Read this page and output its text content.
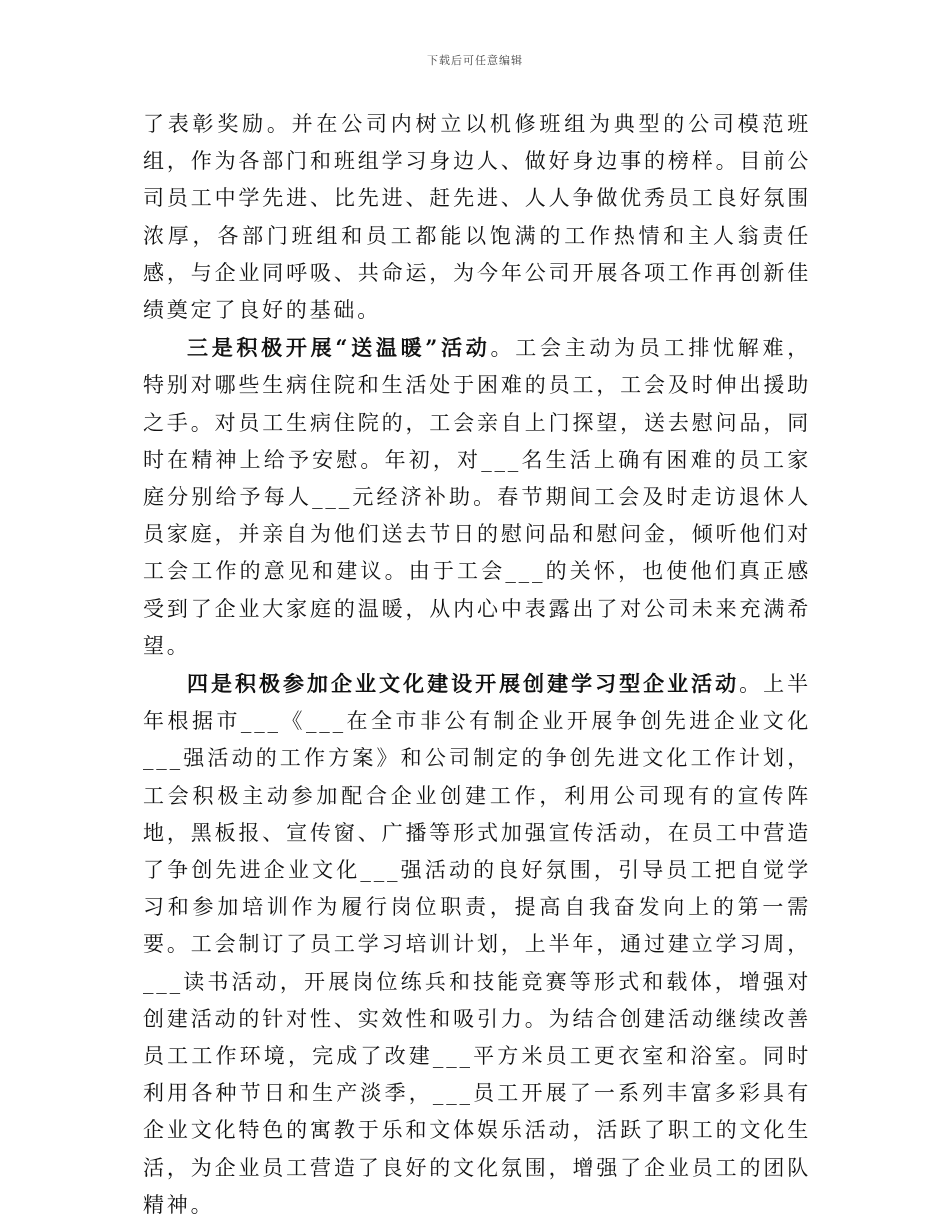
下载后可任意编辑

了表彰奖励。并在公司内树立以机修班组为典型的公司模范班组，作为各部门和班组学习身边人、做好身边事的榜样。目前公司员工中学先进、比先进、赶先进、人人争做优秀员工良好氛围浓厚，各部门班组和员工都能以饱满的工作热情和主人翁责任感，与企业同呼吸、共命运，为今年公司开展各项工作再创新佳绩奠定了良好的基础。

三是积极开展“送温暖”活动。工会主动为员工排忧解难，特别对哪些生病住院和生活处于困难的员工，工会及时伸出援助之手。对员工生病住院的，工会亲自上门探望，送去慰问品，同时在精神上给予安慰。年初，对___名生活上确有困难的员工家庭分别给予每人___元经济补助。春节期间工会及时走访退休人员家庭，并亲自为他们送去节日的慰问品和慰问金，倾听他们对工会工作的意见和建议。由于工会___的关怀，也使他们真正感受到了企业大家庭的温暖，从内心中表露出了对公司未来充满希望。

四是积极参加企业文化建设开展创建学习型企业活动。上半年根据市___《___在全市非公有制企业开展争创先进企业文化___强活动的工作方案》和公司制定的争创先进文化工作计划，工会积极主动参加配合企业创建工作，利用公司现有的宣传阵地，黑板报、宣传窗、广播等形式加强宣传活动，在员工中营造了争创先进企业文化___强活动的良好氛围，引导员工把自觉学习和参加培训作为履行岗位职责，提高自我奋发向上的第一需要。工会制订了员工学习培训计划，上半年，通过建立学习周，___读书活动，开展岗位练兵和技能竞赛等形式和载体，增强对创建活动的针对性、实效性和吸引力。为结合创建活动继续改善员工工作环境，完成了改建___平方米员工更衣室和浴室。同时利用各种节日和生产淡季，___员工开展了一系列丰富多彩具有企业文化特色的寓教于乐和文体娱乐活动，活跃了职工的文化生活，为企业员工营造了良好的文化氛围，增强了企业员工的团队精神。
